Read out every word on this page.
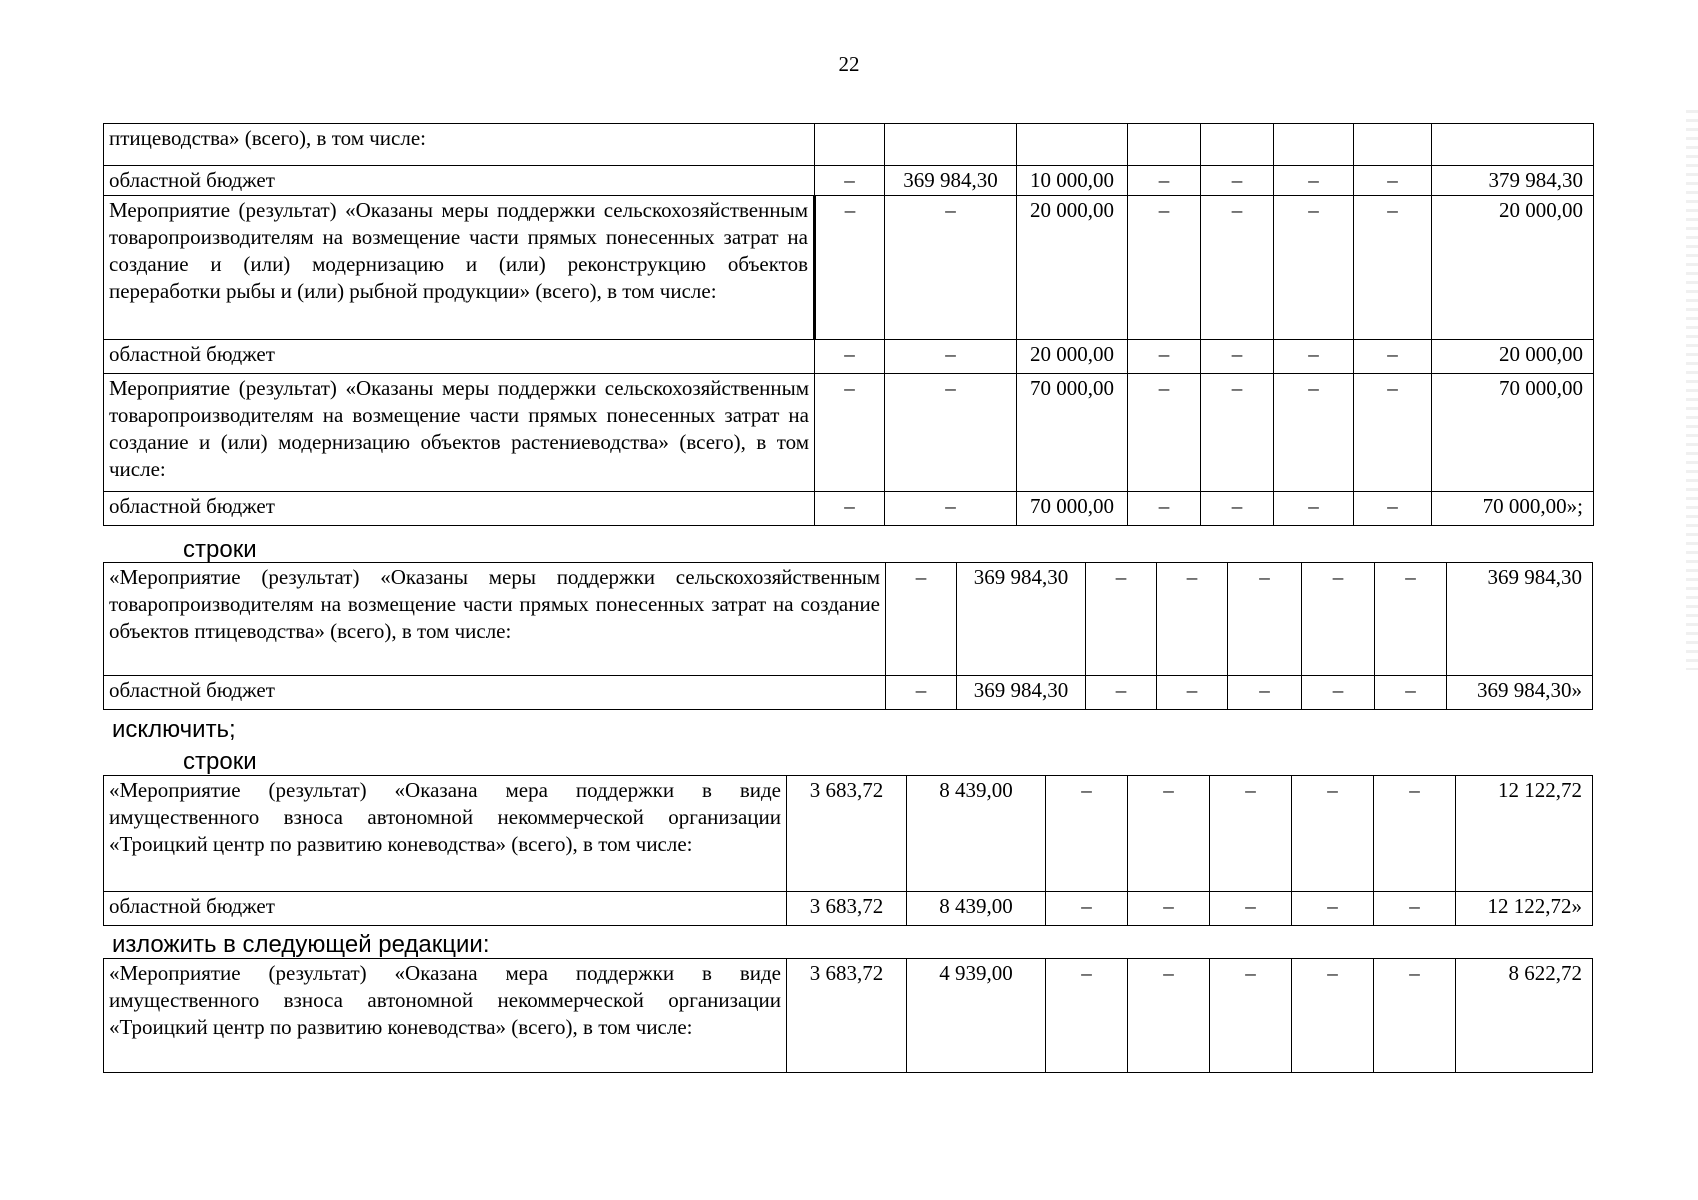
22
птицеводства» (всего), в том числе:								
областной бюджет	–	369 984,30	10 000,00	–	–	–	–	379 984,30
Мероприятие (результат) «Оказаны меры поддержки сельскохозяйственным товаропроизводителям на возмещение части прямых понесенных затрат на создание и (или) модернизацию и (или) реконструкцию объектов переработки рыбы и (или) рыбной продукции» (всего), в том числе:	–	–	20 000,00	–	–	–	–	20 000,00
областной бюджет	–	–	20 000,00	–	–	–	–	20 000,00
Мероприятие (результат) «Оказаны меры поддержки сельскохозяйственным товаропроизводителям на возмещение части прямых понесенных затрат на создание и (или) модернизацию объектов растениеводства» (всего), в том числе:	–	–	70 000,00	–	–	–	–	70 000,00
областной бюджет	–	–	70 000,00	–	–	–	–	70 000,00»;
строки
«Мероприятие (результат) «Оказаны меры поддержки сельскохозяйственным товаропроизводителям на возмещение части прямых понесенных затрат на создание объектов птицеводства» (всего), в том числе:	–	369 984,30	–	–	–	–	–	369 984,30
областной бюджет	–	369 984,30	–	–	–	–	–	369 984,30»
исключить;
строки
«Мероприятие (результат) «Оказана мера поддержки в виде имущественного взноса автономной некоммерческой организации «Троицкий центр по развитию коневодства» (всего), в том числе:	3 683,72	8 439,00	–	–	–	–	–	12 122,72
областной бюджет	3 683,72	8 439,00	–	–	–	–	–	12 122,72»
изложить в следующей редакции:
«Мероприятие (результат) «Оказана мера поддержки в виде имущественного взноса автономной некоммерческой организации «Троицкий центр по развитию коневодства» (всего), в том числе:	3 683,72	4 939,00	–	–	–	–	–	8 622,72
